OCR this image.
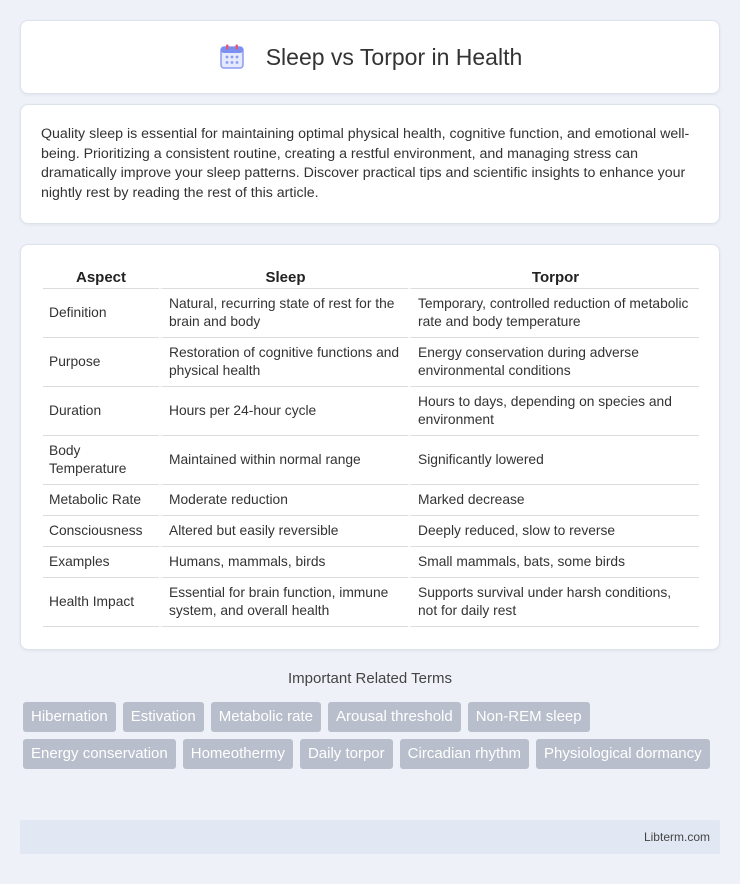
Sleep vs Torpor in Health

Quality sleep is essential for maintaining optimal physical health, cognitive function, and emotional well-being. Prioritizing a consistent routine, creating a restful environment, and managing stress can dramatically improve your sleep patterns. Discover practical tips and scientific insights to enhance your nightly rest by reading the rest of this article.

Aspect	Sleep	Torpor
Definition	Natural, recurring state of rest for the brain and body	Temporary, controlled reduction of metabolic rate and body temperature
Purpose	Restoration of cognitive functions and physical health	Energy conservation during adverse environmental conditions
Duration	Hours per 24-hour cycle	Hours to days, depending on species and environment
Body Temperature	Maintained within normal range	Significantly lowered
Metabolic Rate	Moderate reduction	Marked decrease
Consciousness	Altered but easily reversible	Deeply reduced, slow to reverse
Examples	Humans, mammals, birds	Small mammals, bats, some birds
Health Impact	Essential for brain function, immune system, and overall health	Supports survival under harsh conditions, not for daily rest
Important Related Terms
Hibernation	Estivation	Metabolic rate	Arousal threshold	Non-REM sleep
Energy conservation	Homeothermy	Daily torpor	Circadian rhythm	Physiological dormancy
Libterm.com
